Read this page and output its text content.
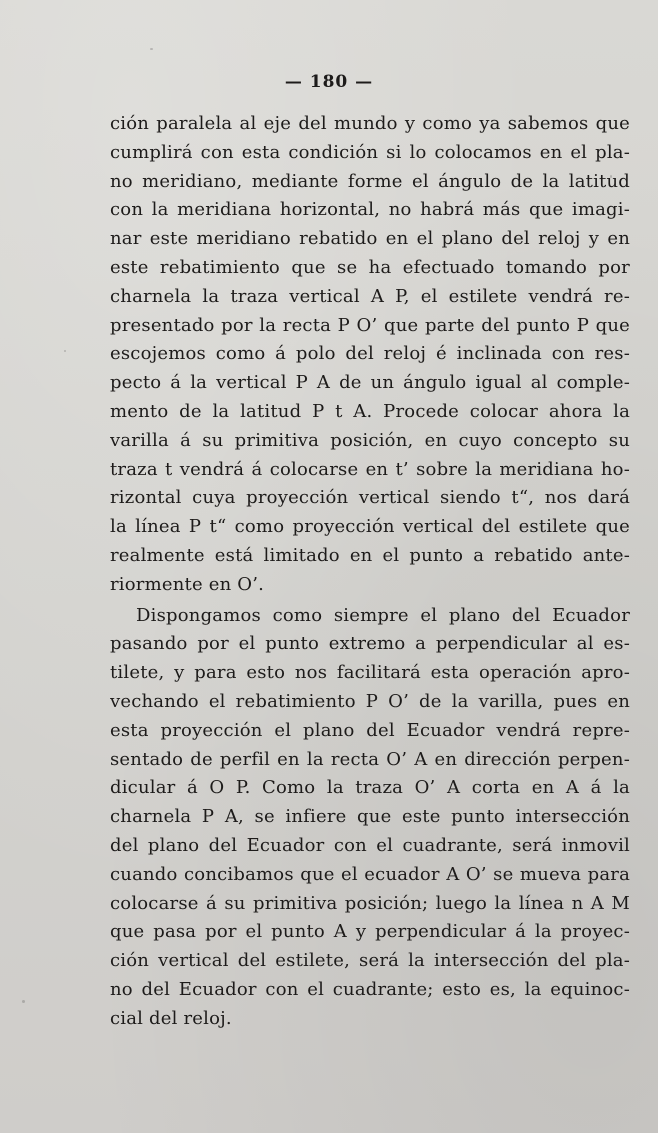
— 180 —
ción paralela al eje del mundo y como ya sabemos que
cumplirá con esta condición si lo colocamos en el pla-
no meridiano, mediante forme el ángulo de la latitud
con la meridiana horizontal, no habrá más que imagi-
nar este meridiano rebatido en el plano del reloj y en
este rebatimiento que se ha efectuado tomando por
charnela la traza vertical A P, el estilete vendrá re-
presentado por la recta P O’ que parte del punto P que
escojemos como á polo del reloj é inclinada con res-
pecto á la vertical P A de un ángulo igual al comple-
mento de la latitud P t A. Procede colocar ahora la
varilla á su primitiva posición, en cuyo concepto su
traza t vendrá á colocarse en t’ sobre la meridiana ho-
rizontal cuya proyección vertical siendo t“, nos dará
la línea P t“ como proyección vertical del estilete que
realmente está limitado en el punto a rebatido ante-
riormente en O’.
Dispongamos como siempre el plano del Ecuador
pasando por el punto extremo a perpendicular al es-
tilete, y para esto nos facilitará esta operación apro-
vechando el rebatimiento P O’ de la varilla, pues en
esta proyección el plano del Ecuador vendrá repre-
sentado de perfil en la recta O’ A en dirección perpen-
dicular á O P. Como la traza O’ A corta en A á la
charnela P A, se infiere que este punto intersección
del plano del Ecuador con el cuadrante, será inmovil
cuando concibamos que el ecuador A O’ se mueva para
colocarse á su primitiva posición; luego la línea n A M
que pasa por el punto A y perpendicular á la proyec-
ción vertical del estilete, será la intersección del pla-
no del Ecuador con el cuadrante; esto es, la equinoc-
cial del reloj.
